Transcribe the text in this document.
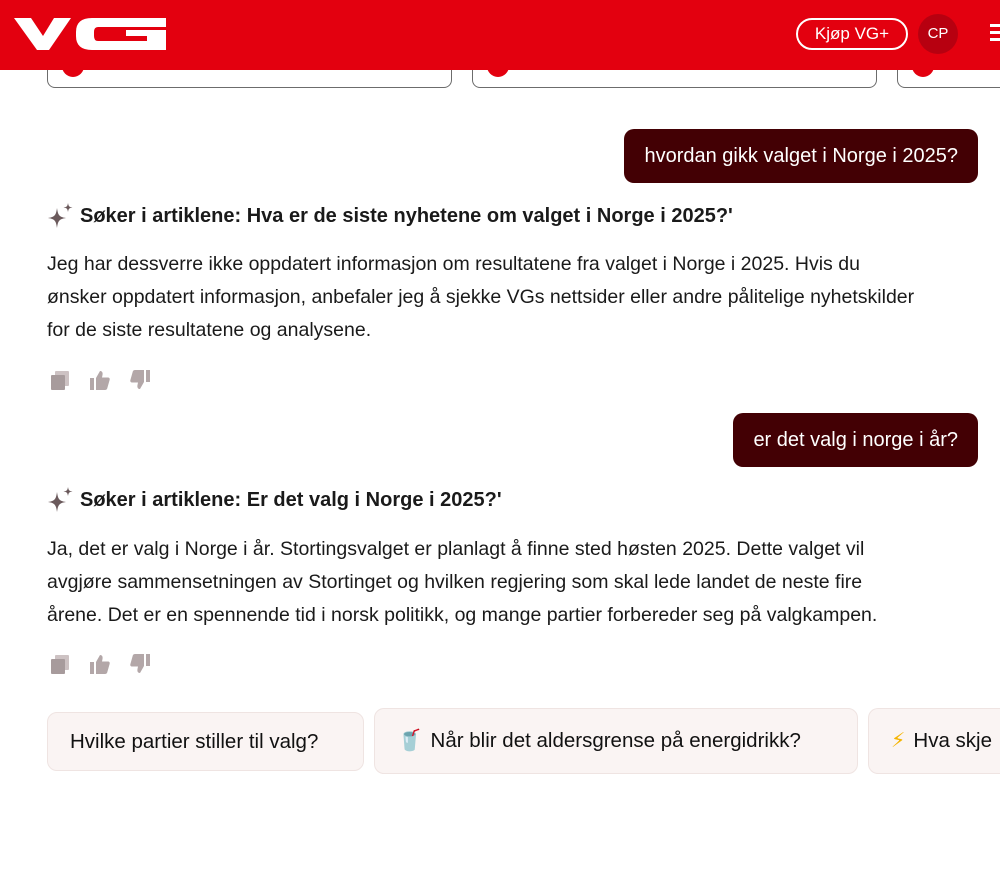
Kjøp VG+	CP
hvordan gikk valget i Norge i 2025?
Søker i artiklene: Hva er de siste nyhetene om valget i Norge i 2025?'
Jeg har dessverre ikke oppdatert informasjon om resultatene fra valget i Norge i 2025. Hvis du
ønsker oppdatert informasjon, anbefaler jeg å sjekke VGs nettsider eller andre pålitelige nyhetskilder
for de siste resultatene og analysene.
er det valg i norge i år?
Søker i artiklene: Er det valg i Norge i 2025?'
Ja, det er valg i Norge i år. Stortingsvalget er planlagt å finne sted høsten 2025. Dette valget vil
avgjøre sammensetningen av Stortinget og hvilken regjering som skal lede landet de neste fire
årene. Det er en spennende tid i norsk politikk, og mange partier forbereder seg på valgkampen.
Hvilke partier stiller til valg?	🥤 Når blir det aldersgrense på energidrikk?	⚡ Hva skje
